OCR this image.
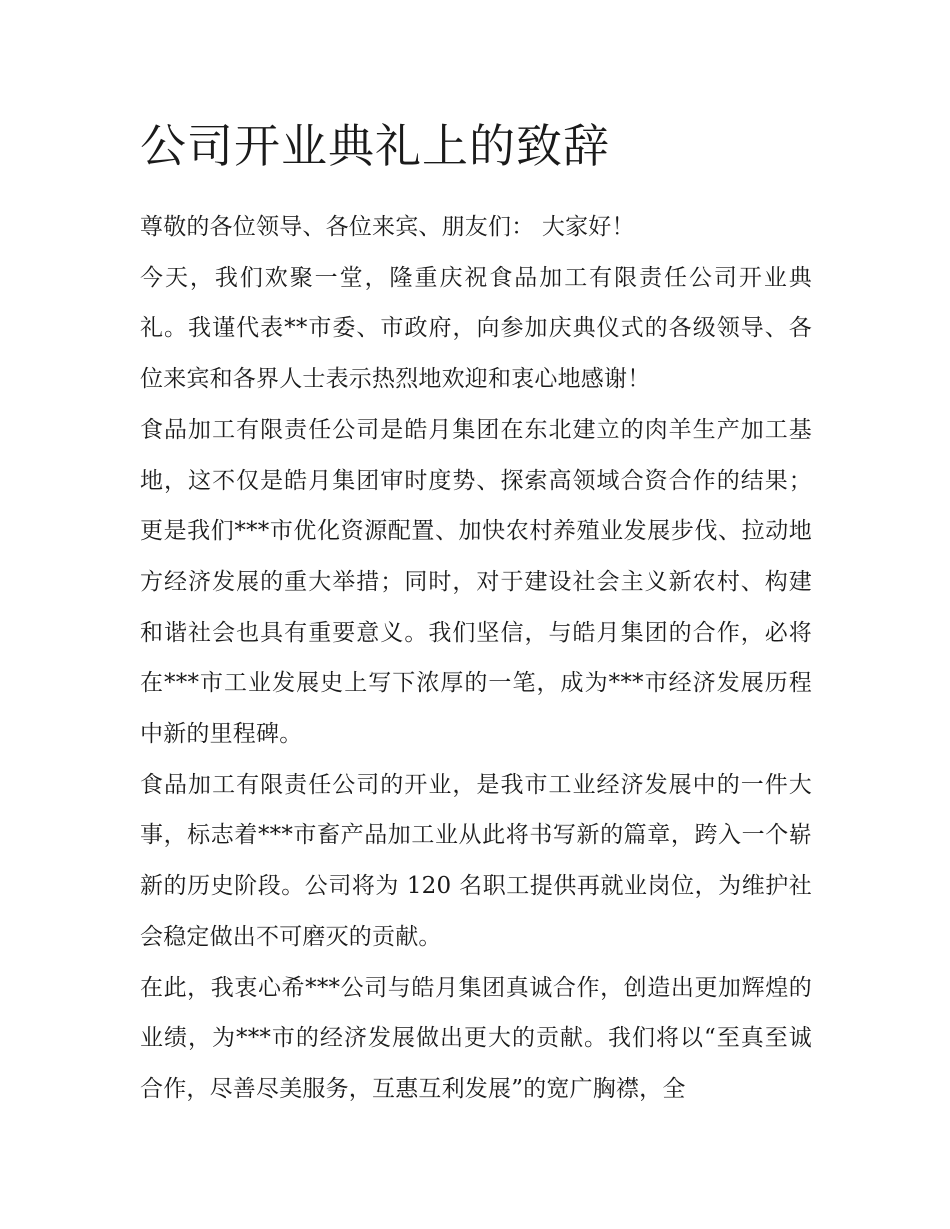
公司开业典礼上的致辞

尊敬的各位领导、各位来宾、朋友们： 大家好！

今天，我们欢聚一堂，隆重庆祝食品加工有限责任公司开业典礼。我谨代表**市委、市政府，向参加庆典仪式的各级领导、各位来宾和各界人士表示热烈地欢迎和衷心地感谢！

食品加工有限责任公司是皓月集团在东北建立的肉羊生产加工基地，这不仅是皓月集团审时度势、探索高领域合资合作的结果；更是我们***市优化资源配置、加快农村养殖业发展步伐、拉动地方经济发展的重大举措；同时，对于建设社会主义新农村、构建和谐社会也具有重要意义。我们坚信，与皓月集团的合作，必将在***市工业发展史上写下浓厚的一笔，成为***市经济发展历程中新的里程碑。

食品加工有限责任公司的开业，是我市工业经济发展中的一件大事，标志着***市畜产品加工业从此将书写新的篇章，跨入一个崭新的历史阶段。公司将为 120 名职工提供再就业岗位，为维护社会稳定做出不可磨灭的贡献。

在此，我衷心希***公司与皓月集团真诚合作，创造出更加辉煌的业绩，为***市的经济发展做出更大的贡献。我们将以“至真至诚合作，尽善尽美服务，互惠互利发展”的宽广胸襟，全
